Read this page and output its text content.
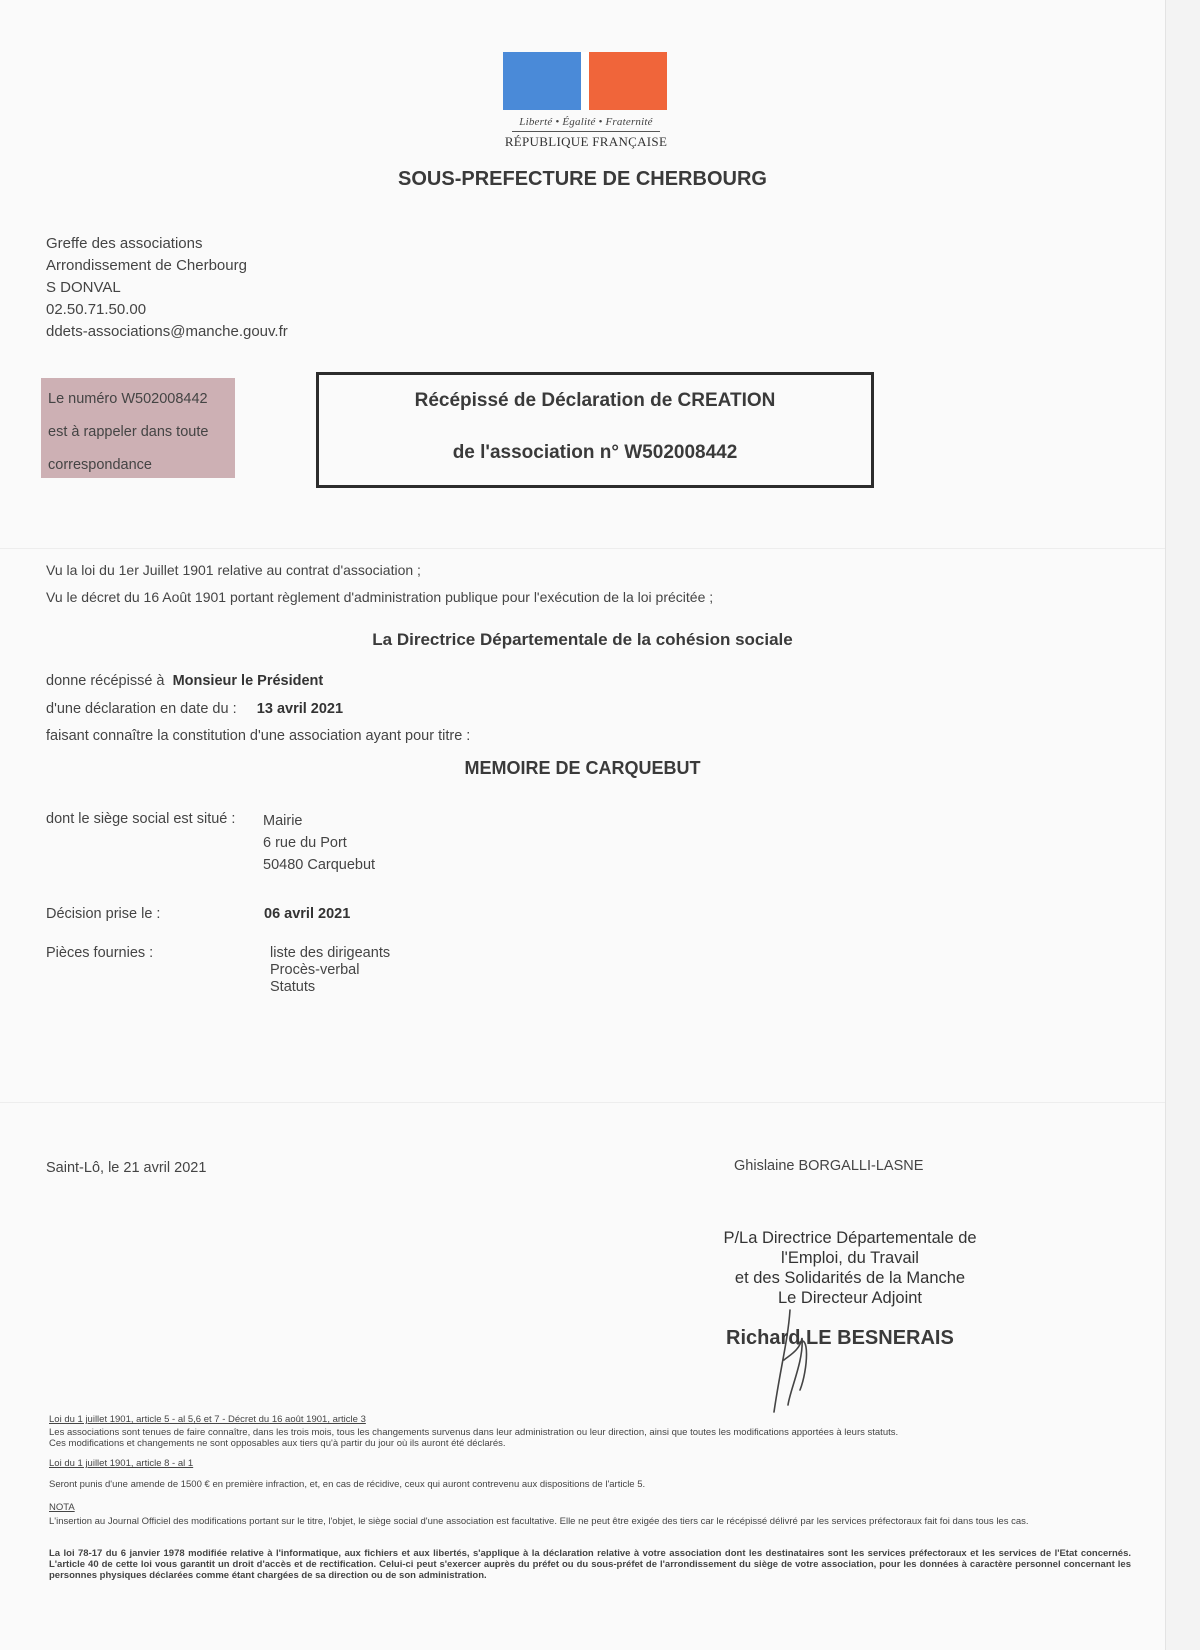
Liberté • Égalité • Fraternité
RÉPUBLIQUE FRANÇAISE
SOUS-PREFECTURE DE CHERBOURG
Greffe des associations
Arrondissement de Cherbourg
S DONVAL
02.50.71.50.00
ddets-associations@manche.gouv.fr
Le numéro W502008442
est à rappeler dans toute
correspondance
Récépissé de Déclaration de CREATION
de l'association n° W502008442
Vu la loi du 1er Juillet 1901 relative au contrat d'association ;
Vu le décret du 16 Août 1901 portant règlement d'administration publique pour l'exécution de la loi précitée ;
La Directrice Départementale de la cohésion sociale
donne récépissé à Monsieur le Président
d'une déclaration en date du : 13 avril 2021
faisant connaître la constitution d'une association ayant pour titre :
MEMOIRE DE CARQUEBUT
dont le siège social est situé : Mairie
6 rue du Port
50480 Carquebut
Décision prise le :	06 avril 2021
Pièces fournies :	liste des dirigeants
Procès-verbal
Statuts
Saint-Lô, le 21 avril 2021	Ghislaine BORGALLI-LASNE
P/La Directrice Départementale de
l'Emploi, du Travail
et des Solidarités de la Manche
Le Directeur Adjoint
Richard LE BESNERAIS
Loi du 1 juillet 1901, article 5 - al 5,6 et 7 - Décret du 16 août 1901, article 3
Les associations sont tenues de faire connaître, dans les trois mois, tous les changements survenus dans leur administration ou leur direction, ainsi que toutes les modifications apportées à leurs statuts.
Ces modifications et changements ne sont opposables aux tiers qu'à partir du jour où ils auront été déclarés.
Loi du 1 juillet 1901, article 8 - al 1
Seront punis d'une amende de 1500 € en première infraction, et, en cas de récidive, ceux qui auront contrevenu aux dispositions de l'article 5.
NOTA
L'insertion au Journal Officiel des modifications portant sur le titre, l'objet, le siège social d'une association est facultative. Elle ne peut être exigée des tiers car le récépissé délivré par les services préfectoraux fait foi dans tous les cas.
La loi 78-17 du 6 janvier 1978 modifiée relative à l'informatique, aux fichiers et aux libertés, s'applique à la déclaration relative à votre association dont les destinataires sont les services préfectoraux et les services de l'Etat concernés. L'article 40 de cette loi vous garantit un droit d'accès et de rectification. Celui-ci peut s'exercer auprès du préfet ou du sous-préfet de l'arrondissement du siège de votre association, pour les données à caractère personnel concernant les personnes physiques déclarées comme étant chargées de sa direction ou de son administration.
